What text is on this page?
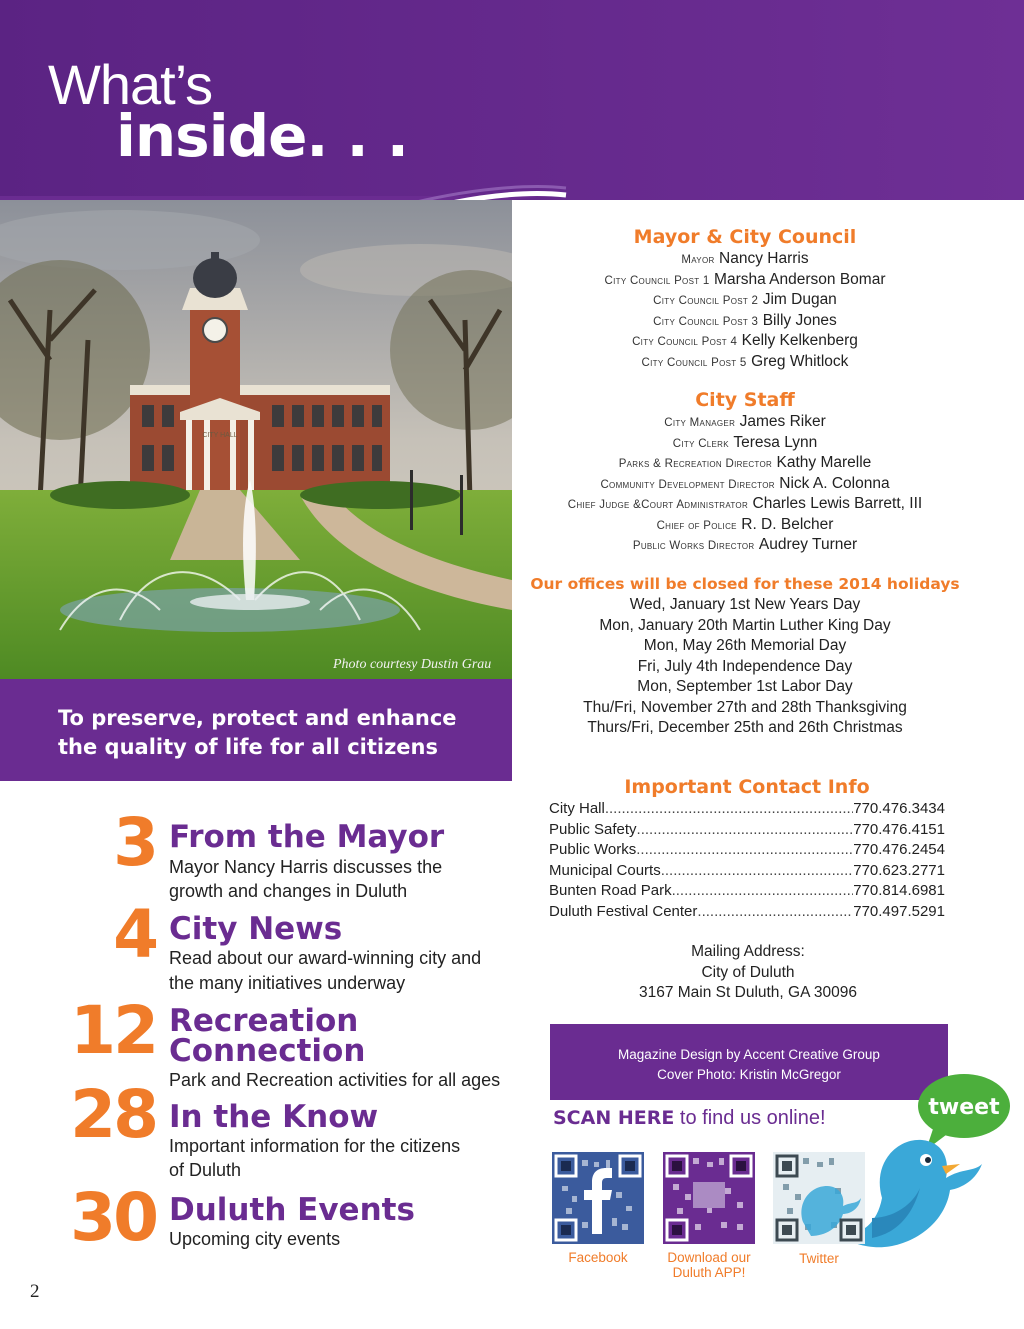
What’s
inside. . .
CITY HALL
Photo courtesy Dustin Grau
To preserve, protect and enhance the quality of life for all citizens
3 From the Mayor
Mayor Nancy Harris discusses the
growth and changes in Duluth
4 City News
Read about our award-winning city and
the many initiatives underway
12 Recreation
Connection
Park and Recreation activities for all ages
28 In the Know
Important information for the citizens
of Duluth
30 Duluth Events
Upcoming city events
Mayor & City Council
Mayor Nancy Harris
City Council Post 1 Marsha Anderson Bomar
City Council Post 2 Jim Dugan
City Council Post 3 Billy Jones
City Council Post 4 Kelly Kelkenberg
City Council Post 5 Greg Whitlock
City Staff
City Manager James Riker
City Clerk Teresa Lynn
Parks & Recreation Director Kathy Marelle
Community Development Director Nick A. Colonna
Chief Judge &Court Administrator Charles Lewis Barrett, III
Chief of Police R. D. Belcher
Public Works Director Audrey Turner
Our offices will be closed for these 2014 holidays
Wed, January 1st New Years Day
Mon, January 20th Martin Luther King Day
Mon, May 26th Memorial Day
Fri, July 4th Independence Day
Mon, September 1st Labor Day
Thu/Fri, November 27th and 28th Thanksgiving
Thurs/Fri, December 25th and 26th Christmas
Important Contact Info
City Hall .....	770.476.3434
Public Safety .....	770.476.4151
Public Works .....	770.476.2454
Municipal Courts .....	770.623.2771
Bunten Road Park .....	770.814.6981
Duluth Festival Center .....	770.497.5291
Mailing Address:
City of Duluth
3167 Main St Duluth, GA 30096
Magazine Design by Accent Creative Group
Cover Photo: Kristin McGregor
SCAN HERE to find us online!	tweet
Facebook	Download our
Duluth APP!
Twitter
2
